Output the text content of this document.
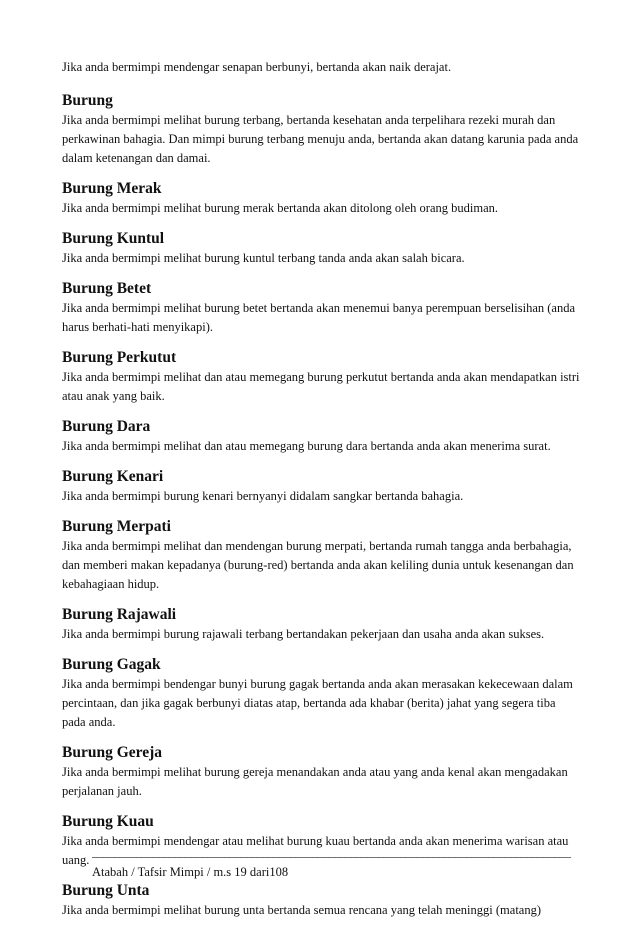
Jika anda bermimpi mendengar senapan berbunyi, bertanda akan naik derajat.

Burung

Jika anda bermimpi melihat burung terbang, bertanda kesehatan anda terpelihara rezeki murah dan perkawinan bahagia. Dan mimpi burung terbang menuju anda, bertanda akan datang karunia pada anda dalam ketenangan dan damai.

Burung Merak

Jika anda bermimpi melihat burung merak bertanda akan ditolong oleh orang budiman.

Burung Kuntul

Jika anda bermimpi melihat burung kuntul terbang tanda anda akan salah bicara.

Burung Betet

Jika anda bermimpi melihat burung betet bertanda akan menemui banya perempuan berselisihan (anda harus berhati-hati menyikapi).

Burung Perkutut

Jika anda bermimpi melihat dan atau memegang burung perkutut bertanda anda akan mendapatkan istri atau anak yang baik.

Burung Dara

Jika anda bermimpi melihat dan atau memegang burung dara bertanda anda akan menerima surat.

Burung Kenari

Jika anda bermimpi burung kenari bernyanyi didalam sangkar bertanda bahagia.

Burung Merpati

Jika anda bermimpi melihat dan mendengan burung merpati, bertanda rumah tangga anda berbahagia, dan memberi makan kepadanya (burung-red) bertanda anda akan keliling dunia untuk kesenangan dan kebahagiaan hidup.

Burung Rajawali

Jika anda bermimpi burung rajawali terbang bertandakan pekerjaan dan usaha anda akan sukses.

Burung Gagak

Jika anda bermimpi bendengar bunyi burung gagak bertanda anda akan merasakan kekecewaan dalam percintaan, dan jika gagak berbunyi diatas atap, bertanda ada khabar (berita) jahat yang segera tiba pada anda.

Burung Gereja

Jika anda bermimpi melihat burung gereja menandakan anda atau yang anda kenal akan mengadakan perjalanan jauh.

Burung Kuau

Jika anda bermimpi mendengar atau melihat burung kuau bertanda anda akan menerima warisan atau uang.

Burung Unta

Jika anda bermimpi melihat burung unta bertanda semua rencana yang telah meninggi (matang)

_______________________________________________________________________________________
Atabah / Tafsir Mimpi / m.s 19 dari108
